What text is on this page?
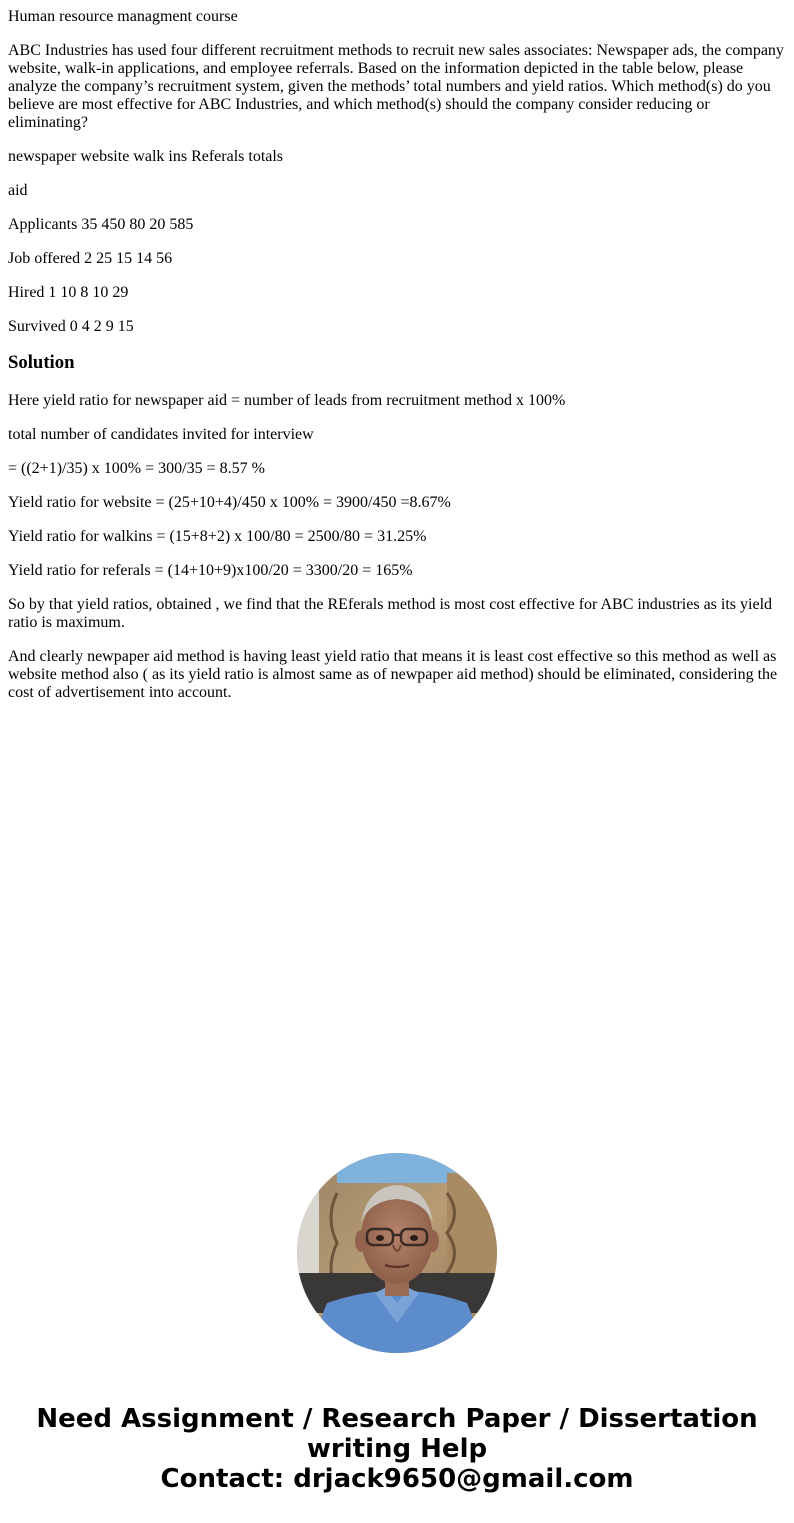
Human resource managment course

ABC Industries has used four different recruitment methods to recruit new sales associates: Newspaper ads, the company website, walk-in applications, and employee referrals. Based on the information depicted in the table below, please analyze the company’s recruitment system, given the methods’ total numbers and yield ratios. Which method(s) do you believe are most effective for ABC Industries, and which method(s) should the company consider reducing or eliminating?

newspaper website walk ins Referals totals

aid

Applicants 35 450 80 20 585

Job offered 2 25 15 14 56

Hired 1 10 8 10 29

Survived 0 4 2 9 15

Solution

Here yield ratio for newspaper aid = number of leads from recruitment method x 100%

total number of candidates invited for interview

= ((2+1)/35) x 100% = 300/35 = 8.57 %

Yield ratio for website = (25+10+4)/450 x 100% = 3900/450 =8.67%

Yield ratio for walkins = (15+8+2) x 100/80 = 2500/80 = 31.25%

Yield ratio for referals = (14+10+9)x100/20 = 3300/20 = 165%

So by that yield ratios, obtained , we find that the REferals method is most cost effective for ABC industries as its yield ratio is maximum.

And clearly newpaper aid method is having least yield ratio that means it is least cost effective so this method as well as website method also ( as its yield ratio is almost same as of newpaper aid method) should be eliminated, considering the cost of advertisement into account.

Need Assignment / Research Paper / Dissertation
writing Help
Contact: drjack9650@gmail.com
